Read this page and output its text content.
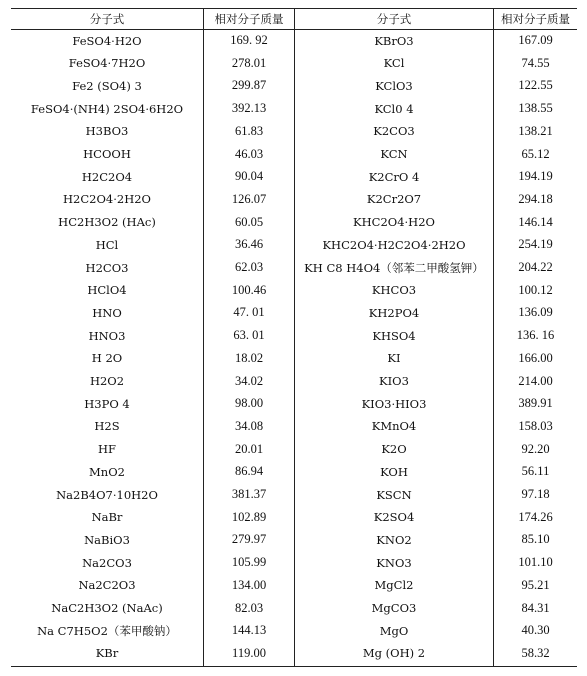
分子式
FeSO4·H2O
FeSO4·7H2O
Fe2 (SO4) 3
FeSO4·(NH4) 2SO4·6H2O
H3BO3
HCOOH
H2C2O4
H2C2O4·2H2O
HC2H3O2 (HAc)
HCl
H2CO3
HClO4
HNO
HNO3
H 2O
H2O2
H3PO 4
H2S
HF
MnO2
Na2B4O7·10H2O
NaBr
NaBiO3
Na2CO3
Na2C2O3
NaC2H3O2 (NaAc)
Na C7H5O2（苯甲酸钠）
KBr
相对分子质量
169. 92
278.01
299.87
392.13
61.83
46.03
90.04
126.07
60.05
36.46
62.03
100.46
47. 01
63. 01
18.02
34.02
98.00
34.08
20.01
86.94
381.37
102.89
279.97
105.99
134.00
82.03
144.13
119.00
分子式
KBrO3
KCl
KClO3
KCl0 4
K2CO3
KCN
K2CrO 4
K2Cr2O7
KHC2O4·H2O
KHC2O4·H2C2O4·2H2O
KH C8 H4O4（邻苯二甲酸氢钾）
KHCO3
KH2PO4
KHSO4
KI
KIO3
KIO3·HIO3
KMnO4
K2O
KOH
KSCN
K2SO4
KNO2
KNO3
MgCl2
MgCO3
MgO
Mg (OH) 2
相对分子质量
167.09
74.55
122.55
138.55
138.21
65.12
194.19
294.18
146.14
254.19
204.22
100.12
136.09
136. 16
166.00
214.00
389.91
158.03
92.20
56.11
97.18
174.26
85.10
101.10
95.21
84.31
40.30
58.32
